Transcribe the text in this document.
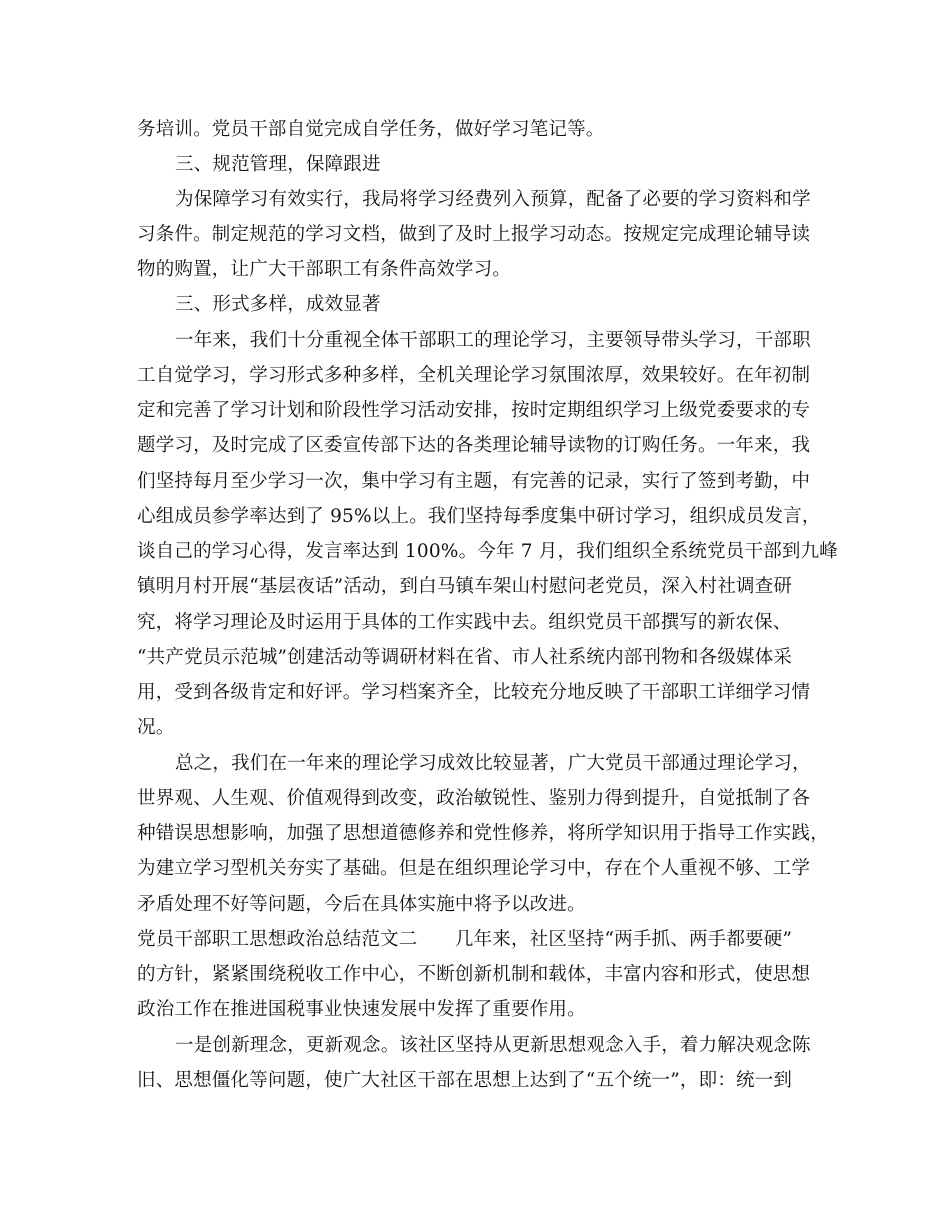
务培训。党员干部自觉完成自学任务，做好学习笔记等。
三、规范管理，保障跟进
为保障学习有效实行，我局将学习经费列入预算，配备了必要的学习资料和学
习条件。制定规范的学习文档，做到了及时上报学习动态。按规定完成理论辅导读
物的购置，让广大干部职工有条件高效学习。
三、形式多样，成效显著
一年来，我们十分重视全体干部职工的理论学习，主要领导带头学习，干部职
工自觉学习，学习形式多种多样，全机关理论学习氛围浓厚，效果较好。在年初制
定和完善了学习计划和阶段性学习活动安排，按时定期组织学习上级党委要求的专
题学习，及时完成了区委宣传部下达的各类理论辅导读物的订购任务。一年来，我
们坚持每月至少学习一次，集中学习有主题，有完善的记录，实行了签到考勤，中
心组成员参学率达到了 95%以上。我们坚持每季度集中研讨学习，组织成员发言，
谈自己的学习心得，发言率达到 100%。今年 7 月，我们组织全系统党员干部到九峰
镇明月村开展“基层夜话”活动，到白马镇车架山村慰问老党员，深入村社调查研
究，将学习理论及时运用于具体的工作实践中去。组织党员干部撰写的新农保、
“共产党员示范城”创建活动等调研材料在省、市人社系统内部刊物和各级媒体采
用，受到各级肯定和好评。学习档案齐全，比较充分地反映了干部职工详细学习情
况。
总之，我们在一年来的理论学习成效比较显著，广大党员干部通过理论学习，
世界观、人生观、价值观得到改变，政治敏锐性、鉴别力得到提升，自觉抵制了各
种错误思想影响，加强了思想道德修养和党性修养，将所学知识用于指导工作实践，
为建立学习型机关夯实了基础。但是在组织理论学习中，存在个人重视不够、工学
矛盾处理不好等问题，今后在具体实施中将予以改进。
党员干部职工思想政治总结范文二　　几年来，社区坚持“两手抓、两手都要硬”
的方针，紧紧围绕税收工作中心，不断创新机制和载体，丰富内容和形式，使思想
政治工作在推进国税事业快速发展中发挥了重要作用。
一是创新理念，更新观念。该社区坚持从更新思想观念入手，着力解决观念陈
旧、思想僵化等问题，使广大社区干部在思想上达到了“五个统一”，即：统一到
